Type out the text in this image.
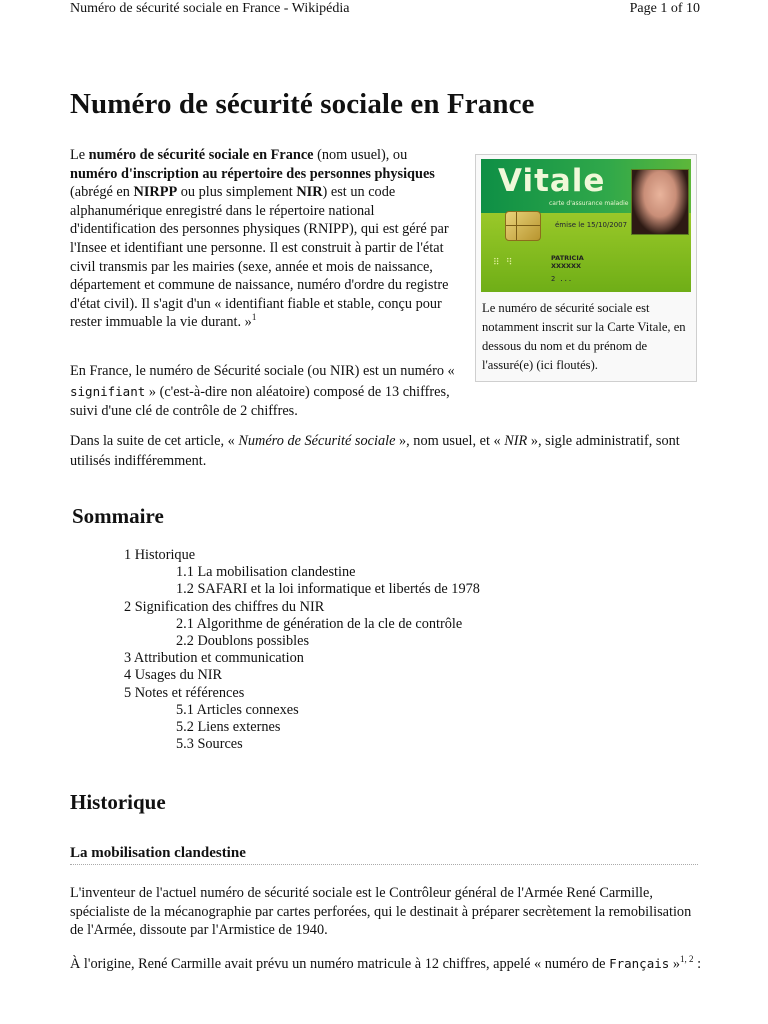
Numéro de sécurité sociale en France - Wikipédia	Page 1 of 10
Numéro de sécurité sociale en France

Le numéro de sécurité sociale en France (nom usuel), ou numéro d'inscription au répertoire des personnes physiques (abrégé en NIRPP ou plus simplement NIR) est un code alphanumérique enregistré dans le répertoire national d'identification des personnes physiques (RNIPP), qui est géré par l'Insee et identifiant une personne. Il est construit à partir de l'état civil transmis par les mairies (sexe, année et mois de naissance, département et commune de naissance, numéro d'ordre du registre d'état civil). Il s'agit d'un « identifiant fiable et stable, conçu pour rester immuable la vie durant. »$^1$

Vitale
carte d'assurance maladie
émise le 15/10/2007
PATRICIA
XXXXXX
2 ...
⠿ ⠻

Le numéro de sécurité sociale est notamment inscrit sur la Carte Vitale, en dessous du nom et du prénom de l'assuré(e) (ici floutés).

En France, le numéro de Sécurité sociale (ou NIR) est un numéro « signifiant » (c'est-à-dire non aléatoire) composé de 13 chiffres, suivi d'une clé de contrôle de 2 chiffres.

Dans la suite de cet article, « Numéro de Sécurité sociale », nom usuel, et « NIR », sigle administratif, sont utilisés indifféremment.

Sommaire
1 Historique
1.1 La mobilisation clandestine
1.2 SAFARI et la loi informatique et libertés de 1978
2 Signification des chiffres du NIR
2.1 Algorithme de génération de la cle de contrôle
2.2 Doublons possibles
3 Attribution et communication
4 Usages du NIR
5 Notes et références
5.1 Articles connexes
5.2 Liens externes
5.3 Sources
Historique
La mobilisation clandestine

L'inventeur de l'actuel numéro de sécurité sociale est le Contrôleur général de l'Armée René Carmille, spécialiste de la mécanographie par cartes perforées, qui le destinait à préparer secrètement la remobilisation de l'Armée, dissoute par l'Armistice de 1940.

À l'origine, René Carmille avait prévu un numéro matricule à 12 chiffres, appelé « numéro de Français »$^{1, 2}$ :
